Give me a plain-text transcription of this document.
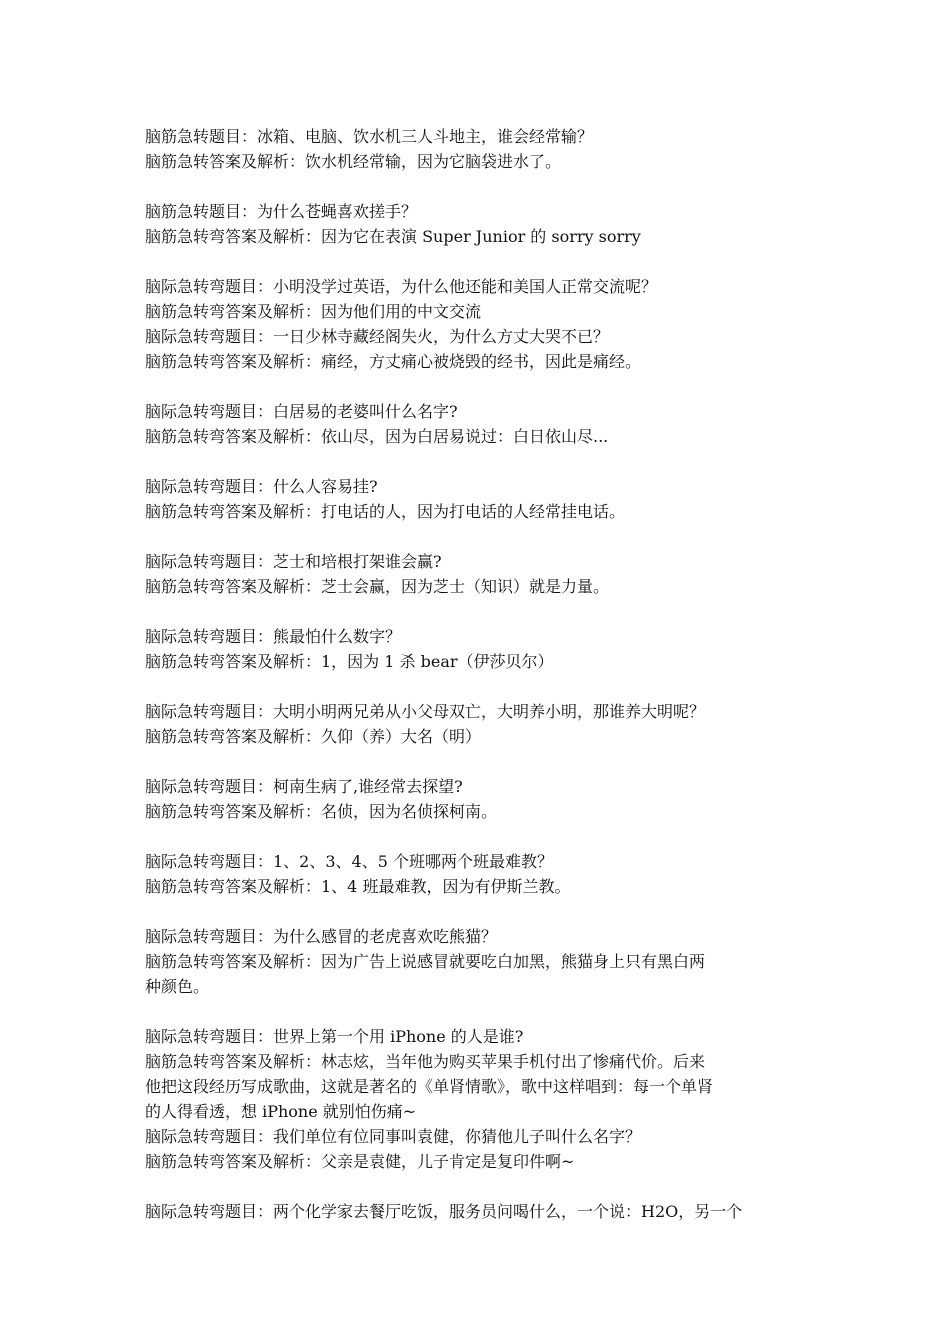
脑筋急转题目：冰箱、电脑、饮水机三人斗地主，谁会经常输？
脑筋急转答案及解析：饮水机经常输，因为它脑袋进水了。
脑筋急转题目：为什么苍蝇喜欢搓手？
脑筋急转弯答案及解析：因为它在表演 Super Junior 的 sorry sorry
脑际急转弯题目：小明没学过英语，为什么他还能和美国人正常交流呢？
脑筋急转弯答案及解析：因为他们用的中文交流
脑际急转弯题目：一日少林寺藏经阁失火，为什么方丈大哭不已？
脑筋急转弯答案及解析：痛经，方丈痛心被烧毁的经书，因此是痛经。
脑际急转弯题目：白居易的老婆叫什么名字?
脑筋急转弯答案及解析：依山尽，因为白居易说过：白日依山尽...
脑际急转弯题目：什么人容易挂?
脑筋急转弯答案及解析：打电话的人，因为打电话的人经常挂电话。
脑际急转弯题目：芝士和培根打架谁会赢?
脑筋急转弯答案及解析：芝士会赢，因为芝士（知识）就是力量。
脑际急转弯题目：熊最怕什么数字？
脑筋急转弯答案及解析：1，因为 1 杀 bear（伊莎贝尔）
脑际急转弯题目：大明小明两兄弟从小父母双亡，大明养小明，那谁养大明呢？
脑筋急转弯答案及解析：久仰（养）大名（明）
脑际急转弯题目：柯南生病了,谁经常去探望?
脑筋急转弯答案及解析：名侦，因为名侦探柯南。
脑际急转弯题目：1、2、3、4、5 个班哪两个班最难教？
脑筋急转弯答案及解析：1、4 班最难教，因为有伊斯兰教。
脑际急转弯题目：为什么感冒的老虎喜欢吃熊猫？
脑筋急转弯答案及解析：因为广告上说感冒就要吃白加黑，熊猫身上只有黑白两
种颜色。
脑际急转弯题目：世界上第一个用 iPhone 的人是谁?
脑筋急转弯答案及解析：林志炫，当年他为购买苹果手机付出了惨痛代价。后来
他把这段经历写成歌曲，这就是著名的《单肾情歌》，歌中这样唱到：每一个单肾
的人得看透，想 iPhone 就别怕伤痛~
脑际急转弯题目：我们单位有位同事叫袁健，你猜他儿子叫什么名字？
脑筋急转弯答案及解析：父亲是袁健，儿子肯定是复印件啊~
脑际急转弯题目：两个化学家去餐厅吃饭，服务员问喝什么，一个说：H2O，另一个
